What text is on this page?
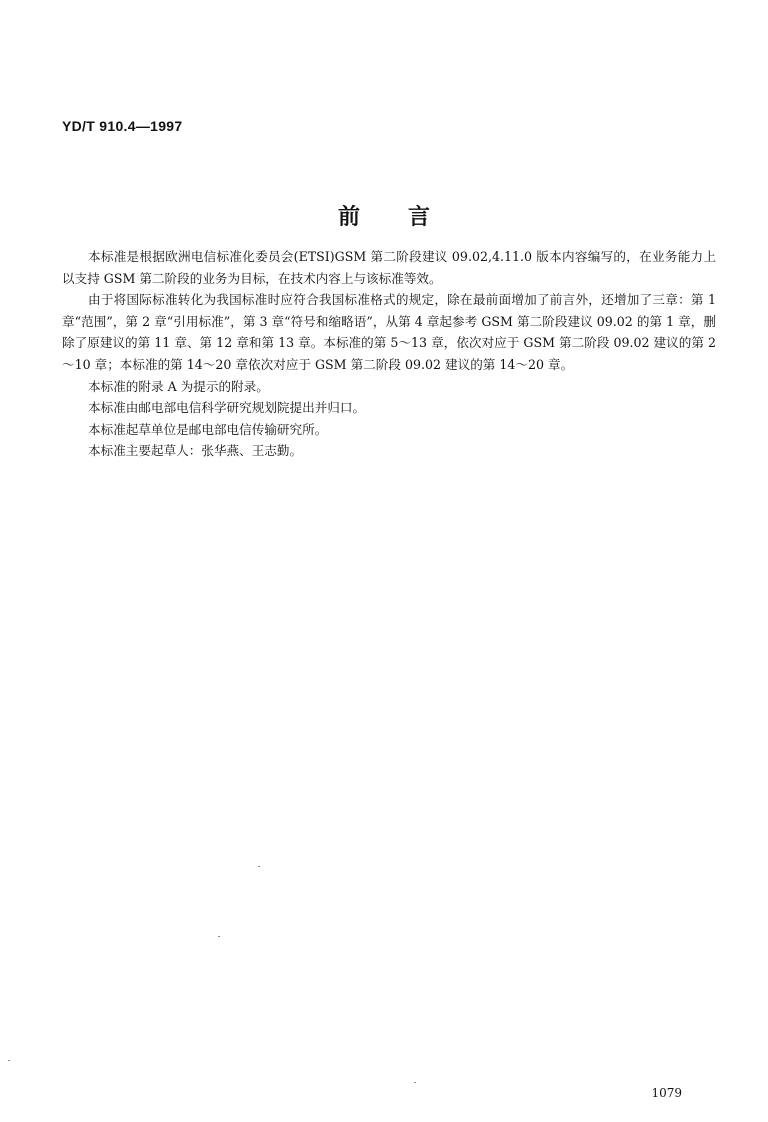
YD/T 910.4—1997
前 言

本标准是根据欧洲电信标准化委员会(ETSI)GSM 第二阶段建议 09.02,4.11.0 版本内容编写的，在业务能力上以支持 GSM 第二阶段的业务为目标，在技术内容上与该标准等效。

由于将国际标准转化为我国标准时应符合我国标准格式的规定，除在最前面增加了前言外，还增加了三章：第 1 章“范围”，第 2 章“引用标准”，第 3 章“符号和缩略语”，从第 4 章起参考 GSM 第二阶段建议 09.02 的第 1 章，删除了原建议的第 11 章、第 12 章和第 13 章。本标准的第 5～13 章，依次对应于 GSM 第二阶段 09.02 建议的第 2～10 章；本标准的第 14～20 章依次对应于 GSM 第二阶段 09.02 建议的第 14～20 章。

本标准的附录 A 为提示的附录。

本标准由邮电部电信科学研究规划院提出并归口。

本标准起草单位是邮电部电信传输研究所。

本标准主要起草人：张华燕、王志勤。

1079
